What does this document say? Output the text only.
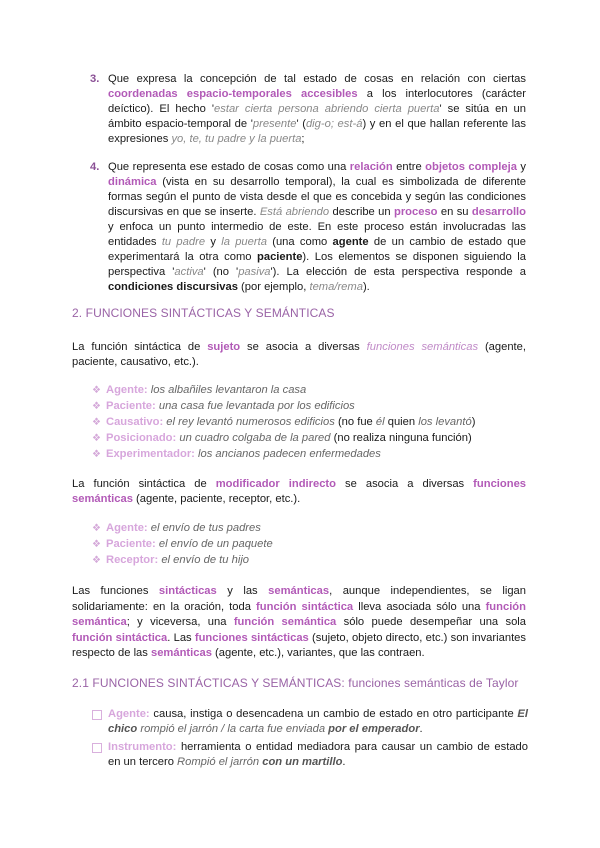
3. Que expresa la concepción de tal estado de cosas en relación con ciertas coordenadas espacio-temporales accesibles a los interlocutores (carácter deíctico). El hecho 'estar cierta persona abriendo cierta puerta' se sitúa en un ámbito espacio-temporal de 'presente' (dig-o; est-á) y en el que hallan referente las expresiones yo, te, tu padre y la puerta;
4. Que representa ese estado de cosas como una relación entre objetos compleja y dinámica (vista en su desarrollo temporal), la cual es simbolizada de diferente formas según el punto de vista desde el que es concebida y según las condiciones discursivas en que se inserte. Está abriendo describe un proceso en su desarrollo y enfoca un punto intermedio de este. En este proceso están involucradas las entidades tu padre y la puerta (una como agente de un cambio de estado que experimentará la otra como paciente). Los elementos se disponen siguiendo la perspectiva 'activa' (no 'pasiva'). La elección de esta perspectiva responde a condiciones discursivas (por ejemplo, tema/rema).
2. FUNCIONES SINTÁCTICAS Y SEMÁNTICAS
La función sintáctica de sujeto se asocia a diversas funciones semánticas (agente, paciente, causativo, etc.).
❖ Agente: los albañiles levantaron la casa
❖ Paciente: una casa fue levantada por los edificios
❖ Causativo: el rey levantó numerosos edificios (no fue él quien los levantó)
❖ Posicionado: un cuadro colgaba de la pared (no realiza ninguna función)
❖ Experimentador: los ancianos padecen enfermedades
La función sintáctica de modificador indirecto se asocia a diversas funciones semánticas (agente, paciente, receptor, etc.).
❖ Agente: el envío de tus padres
❖ Paciente: el envío de un paquete
❖ Receptor: el envío de tu hijo
Las funciones sintácticas y las semánticas, aunque independientes, se ligan solidariamente: en la oración, toda función sintáctica lleva asociada sólo una función semántica; y viceversa, una función semántica sólo puede desempeñar una sola función sintáctica. Las funciones sintácticas (sujeto, objeto directo, etc.) son invariantes respecto de las semánticas (agente, etc.), variantes, que las contraen.
2.1 FUNCIONES SINTÁCTICAS Y SEMÁNTICAS: funciones semánticas de Taylor
Agente: causa, instiga o desencadena un cambio de estado en otro participante El chico rompió el jarrón / la carta fue enviada por el emperador.
Instrumento: herramienta o entidad mediadora para causar un cambio de estado en un tercero Rompió el jarrón con un martillo.
